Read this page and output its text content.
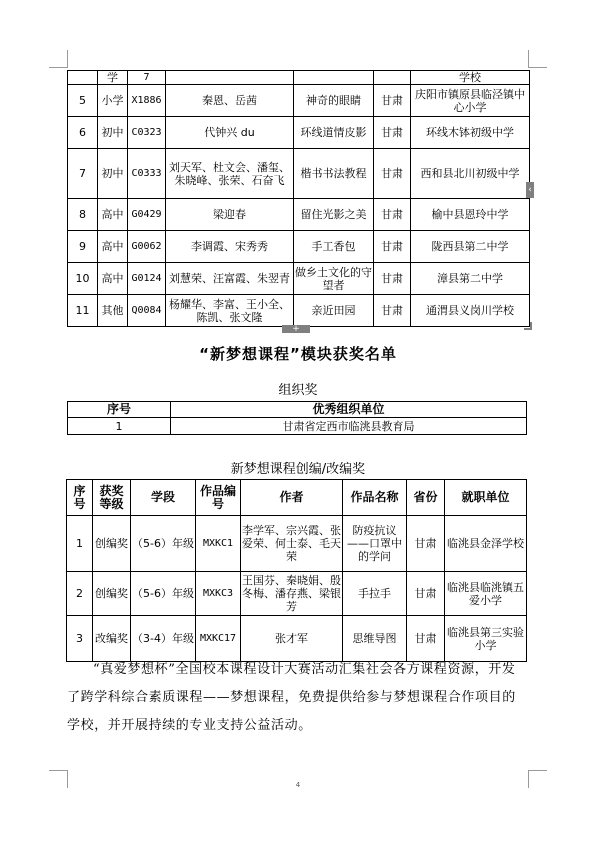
	学	7				学校
5	小学	X1886	秦恩、岳茜	神奇的眼睛	甘肃	庆阳市镇原县临泾镇中心小学
6	初中	C0323	代钟兴 du	环线道情皮影	甘肃	环线木钵初级中学
7	初中	C0333	刘天军、杜文会、潘玺、朱晓峰、张荣、石奋飞	楷书书法教程	甘肃	西和县北川初级中学
8	高中	G0429	梁迎春	留住光影之美	甘肃	榆中县恩玲中学
9	高中	G0062	李调霞、宋秀秀	手工香包	甘肃	陇西县第二中学
10	高中	G0124	刘慧荣、汪富霞、朱翌青	做乡土文化的守望者	甘肃	漳县第二中学
11	其他	Q0084	杨耀华、李富、王小全、陈凯、张文隆	亲近田园	甘肃	通渭县义岗川学校
+
‹
“新梦想课程”模块获奖名单
组织奖
序号	优秀组织单位
1	甘肃省定西市临洮县教育局
新梦想课程创编/改编奖
序号	获奖等级	学段	作品编号	作者	作品名称	省份	就职单位
1	创编奖	（5-6）年级	MXKC1	李学军、宗兴霞、张爱荣、何士泰、毛天荣	防疫抗议——口罩中的学问	甘肃	临洮县金泽学校
2	创编奖	（5-6）年级	MXKC3	王国芬、秦晓娟、殷冬梅、潘存燕、梁银芳	手拉手	甘肃	临洮县临洮镇五爱小学
3	改编奖	（3-4）年级	MXKC17	张才军	思维导图	甘肃	临洮县第三实验小学
“真爱梦想杯”全国校本课程设计大赛活动汇集社会各方课程资源，开发了跨学科综合素质课程——梦想课程，免费提供给参与梦想课程合作项目的学校，并开展持续的专业支持公益活动。
4
